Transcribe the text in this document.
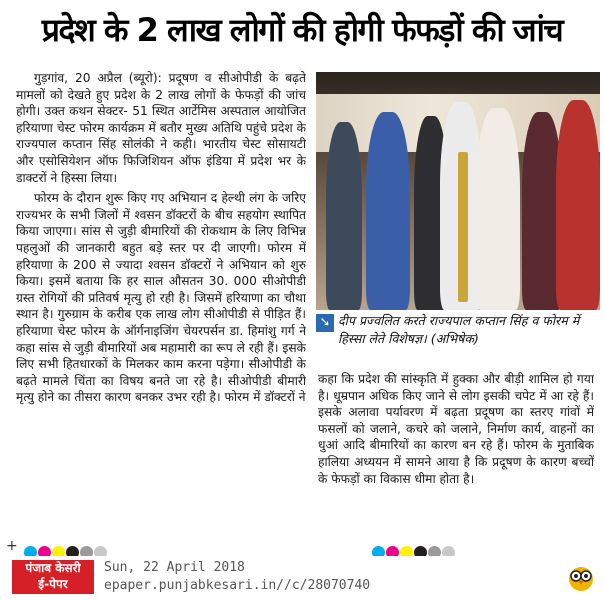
प्रदेश के 2 लाख लोगों की होगी फेफड़ों की जांच

गुड़गांव, 20 अप्रैल (ब्यूरो): प्रदूषण व सीओपीडी के बढ़ते मामलों को देखते हुए प्रदेश के 2 लाख लोगों के फेफड़ों की जांच होगी। उक्त कथन सेक्टर- 51 स्थित आर्टेमिस अस्पताल आयोजित हरियाणा चेस्ट फोरम कार्यक्रम में बतौर मुख्य अतिथि पहुंचे प्रदेश के राज्यपाल कप्तान सिंह सोलंकी ने कही। भारतीय चेस्ट सोसायटी और एसोसियेशन ऑफ फिजिशियन ऑफ इंडिया में प्रदेश भर के डाक्टरों ने हिस्सा लिया।

फोरम के दौरान शुरू किए गए अभियान द हेल्थी लंग के जरिए राज्यभर के सभी जिलों में श्वसन डॉक्टरों के बीच सहयोग स्थापित किया जाएगा। सांस से जुड़ी बीमारियों की रोकथाम के लिए विभिन्न पहलुओं की जानकारी बहुत बड़े स्तर पर दी जाएगी। फोरम में हरियाणा के 200 से ज्यादा श्वसन डॉक्टरों ने अभियान को शुरु किया। इसमें बताया कि हर साल औसतन 30. 000 सीओपीडी ग्रस्त रोगियों की प्रतिवर्ष मृत्यु हो रही है। जिसमें हरियाणा का चौथा स्थान है। गुरुग्राम के करीब एक लाख लोग सीओपीडी से पीड़ित हैं। हरियाणा चेस्ट फोरम के ऑर्गनाइजिंग चेयरपर्सन डा. हिमांशु गर्ग ने कहा सांस से जुड़ी बीमारियों अब महामारी का रूप ले रही हैं। इसके लिए सभी हितधारकों के मिलकर काम करना पड़ेगा। सीओपीडी के बढ़ते मामले चिंता का विषय बनते जा रहे है। सीओपीडी बीमारी मृत्यु होने का तीसरा कारण बनकर उभर रही है। फोरम में डॉक्टरों ने

➘ दीप प्रज्वलित करते राज्यपाल कप्तान सिंह व फोरम में हिस्सा लेते विशेषज्ञ। (अभिषेक)

कहा कि प्रदेश की सांस्कृति में हुक्का और बीड़ी शामिल हो गया है। धूम्रपान अधिक किए जाने से लोग इसकी चपेट में आ रहे हैं। इसके अलावा पर्यावरण में बढ़ता प्रदूषण का स्तरए गांवों में फसलों को जलाने, कचरे को जलाने, निर्माण कार्य, वाहनों का धुआं आदि बीमारियों का कारण बन रहे हैं। फोरम के मुताबिक हालिया अध्ययन में सामने आया है कि प्रदूषण के कारण बच्चों के फेफड़ों का विकास धीमा होता है।

+
पंजाब केसरी
ई-पेपर
Sun, 22 April 2018
epaper.punjabkesari.in//c/28070740
